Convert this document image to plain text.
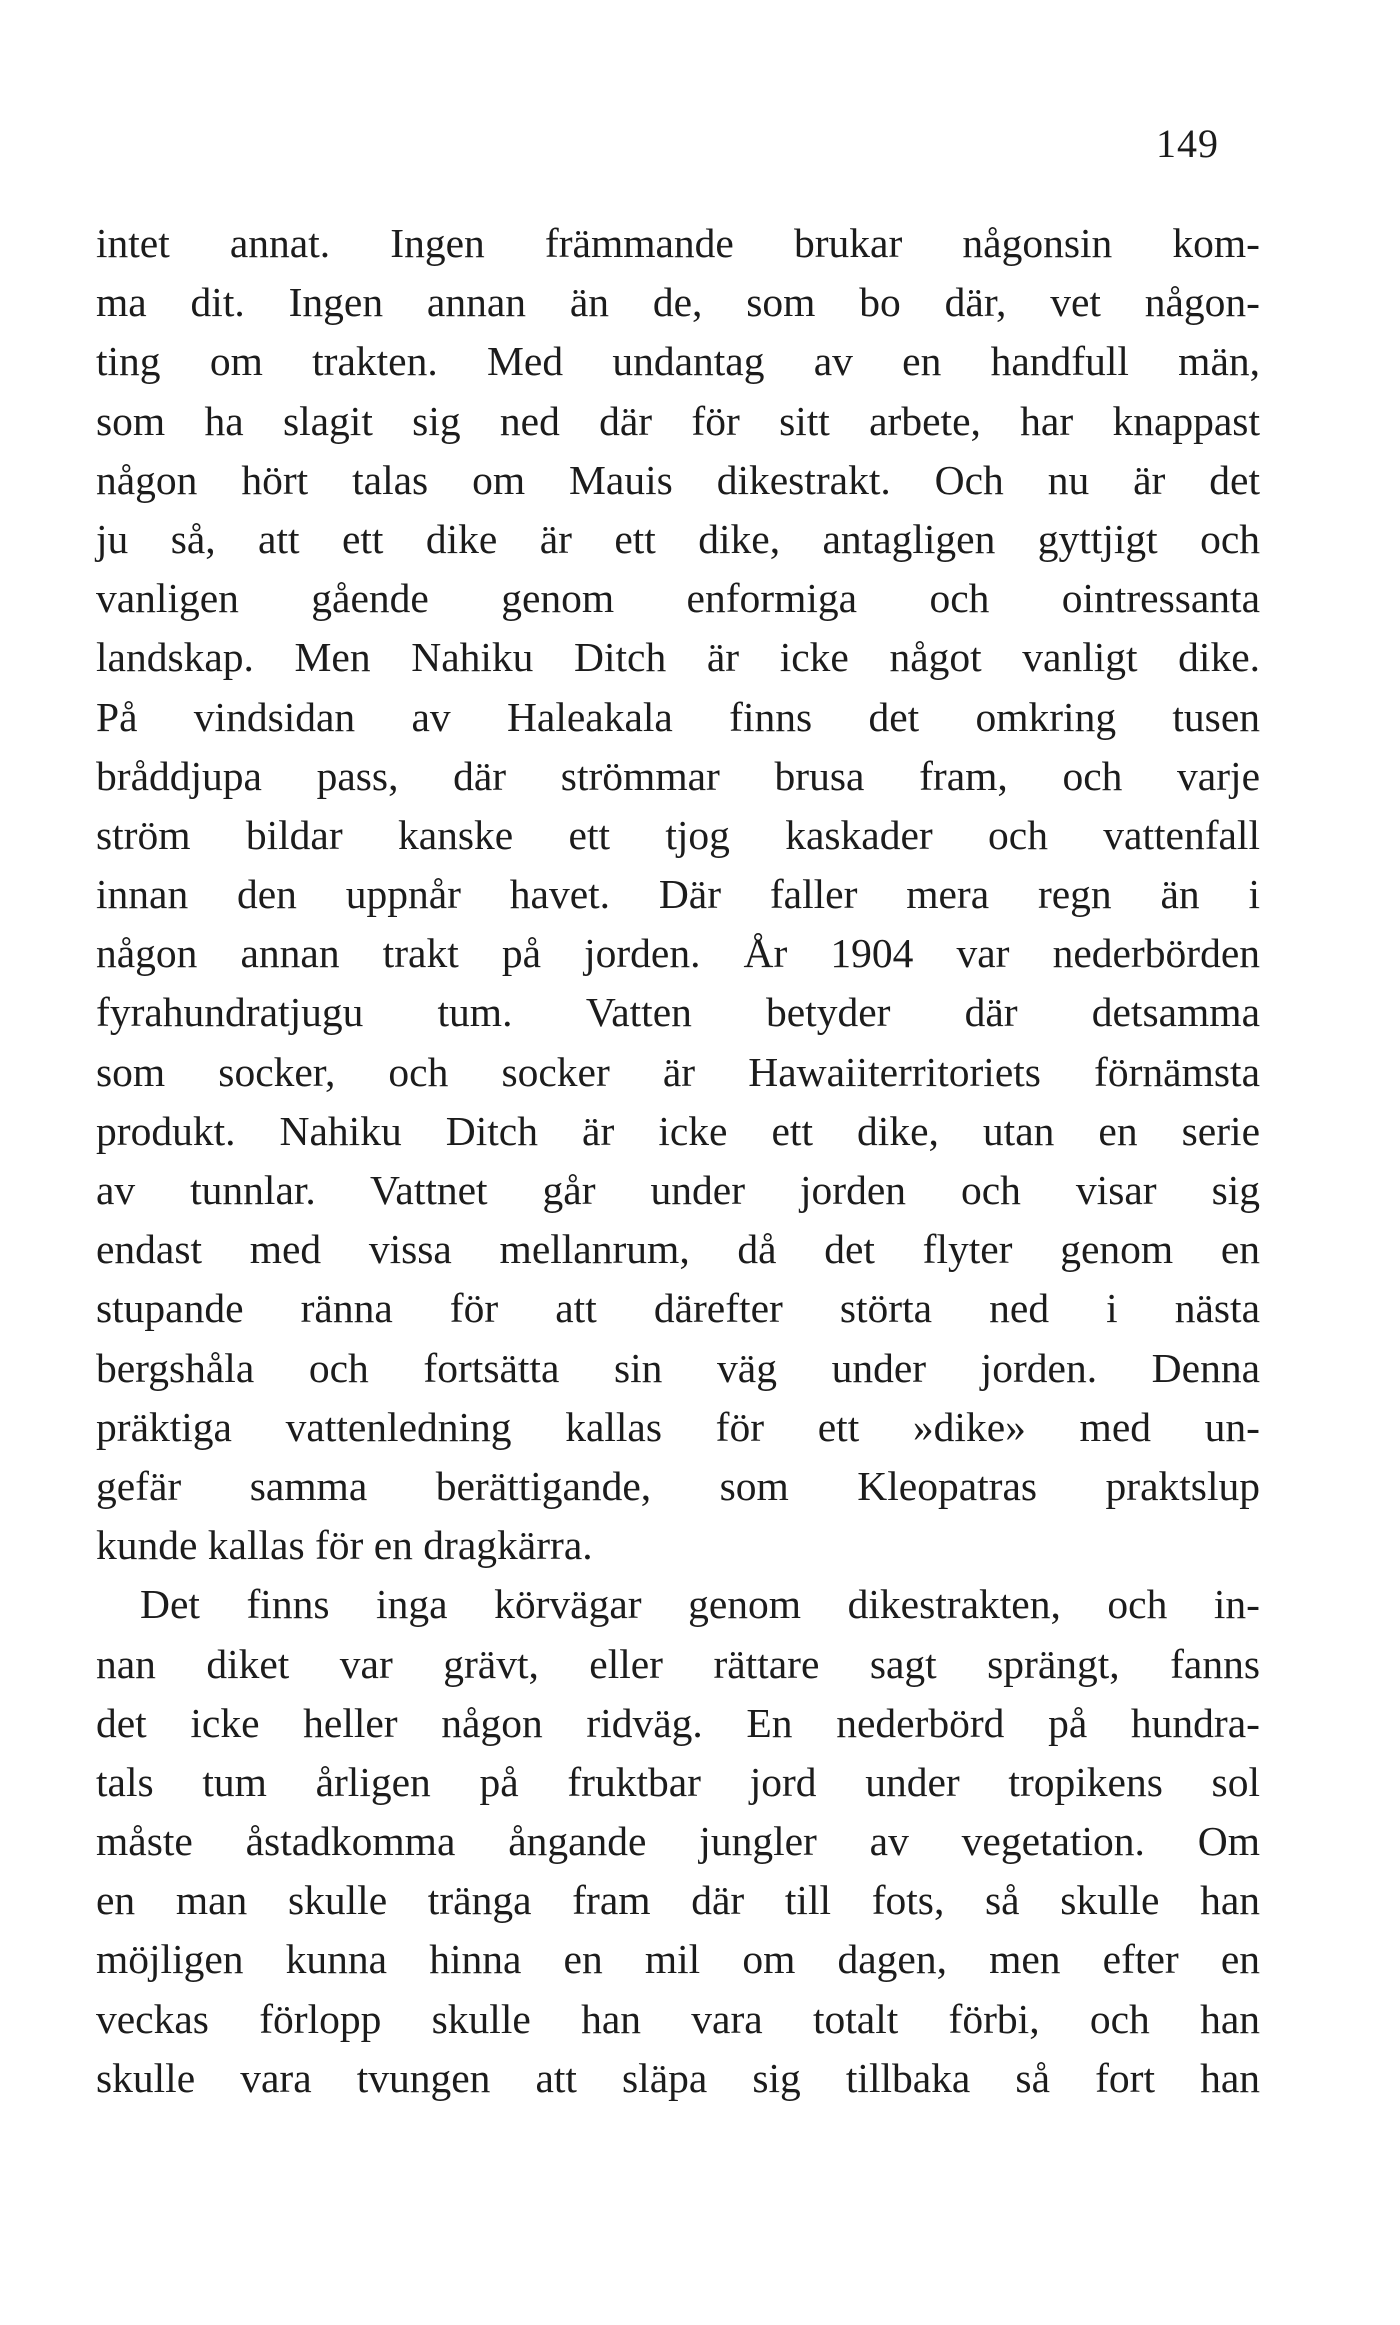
149
intet annat. Ingen främmande brukar någonsin kom-
ma dit. Ingen annan än de, som bo där, vet någon-
ting om trakten. Med undantag av en handfull män,
som ha slagit sig ned där för sitt arbete, har knappast
någon hört talas om Mauis dikestrakt. Och nu är det
ju så, att ett dike är ett dike, antagligen gyttjigt och
vanligen gående genom enformiga och ointressanta
landskap. Men Nahiku Ditch är icke något vanligt dike.
På vindsidan av Haleakala finns det omkring tusen
bråddjupa pass, där strömmar brusa fram, och varje
ström bildar kanske ett tjog kaskader och vattenfall
innan den uppnår havet. Där faller mera regn än i
någon annan trakt på jorden. År 1904 var nederbörden
fyrahundratjugu tum. Vatten betyder där detsamma
som socker, och socker är Hawaiiterritoriets förnämsta
produkt. Nahiku Ditch är icke ett dike, utan en serie
av tunnlar. Vattnet går under jorden och visar sig
endast med vissa mellanrum, då det flyter genom en
stupande ränna för att därefter störta ned i nästa
bergshåla och fortsätta sin väg under jorden. Denna
präktiga vattenledning kallas för ett »dike» med un-
gefär samma berättigande, som Kleopatras praktslup
kunde kallas för en dragkärra.
Det finns inga körvägar genom dikestrakten, och in-
nan diket var grävt, eller rättare sagt sprängt, fanns
det icke heller någon ridväg. En nederbörd på hundra-
tals tum årligen på fruktbar jord under tropikens sol
måste åstadkomma ångande jungler av vegetation. Om
en man skulle tränga fram där till fots, så skulle han
möjligen kunna hinna en mil om dagen, men efter en
veckas förlopp skulle han vara totalt förbi, och han
skulle vara tvungen att släpa sig tillbaka så fort han
